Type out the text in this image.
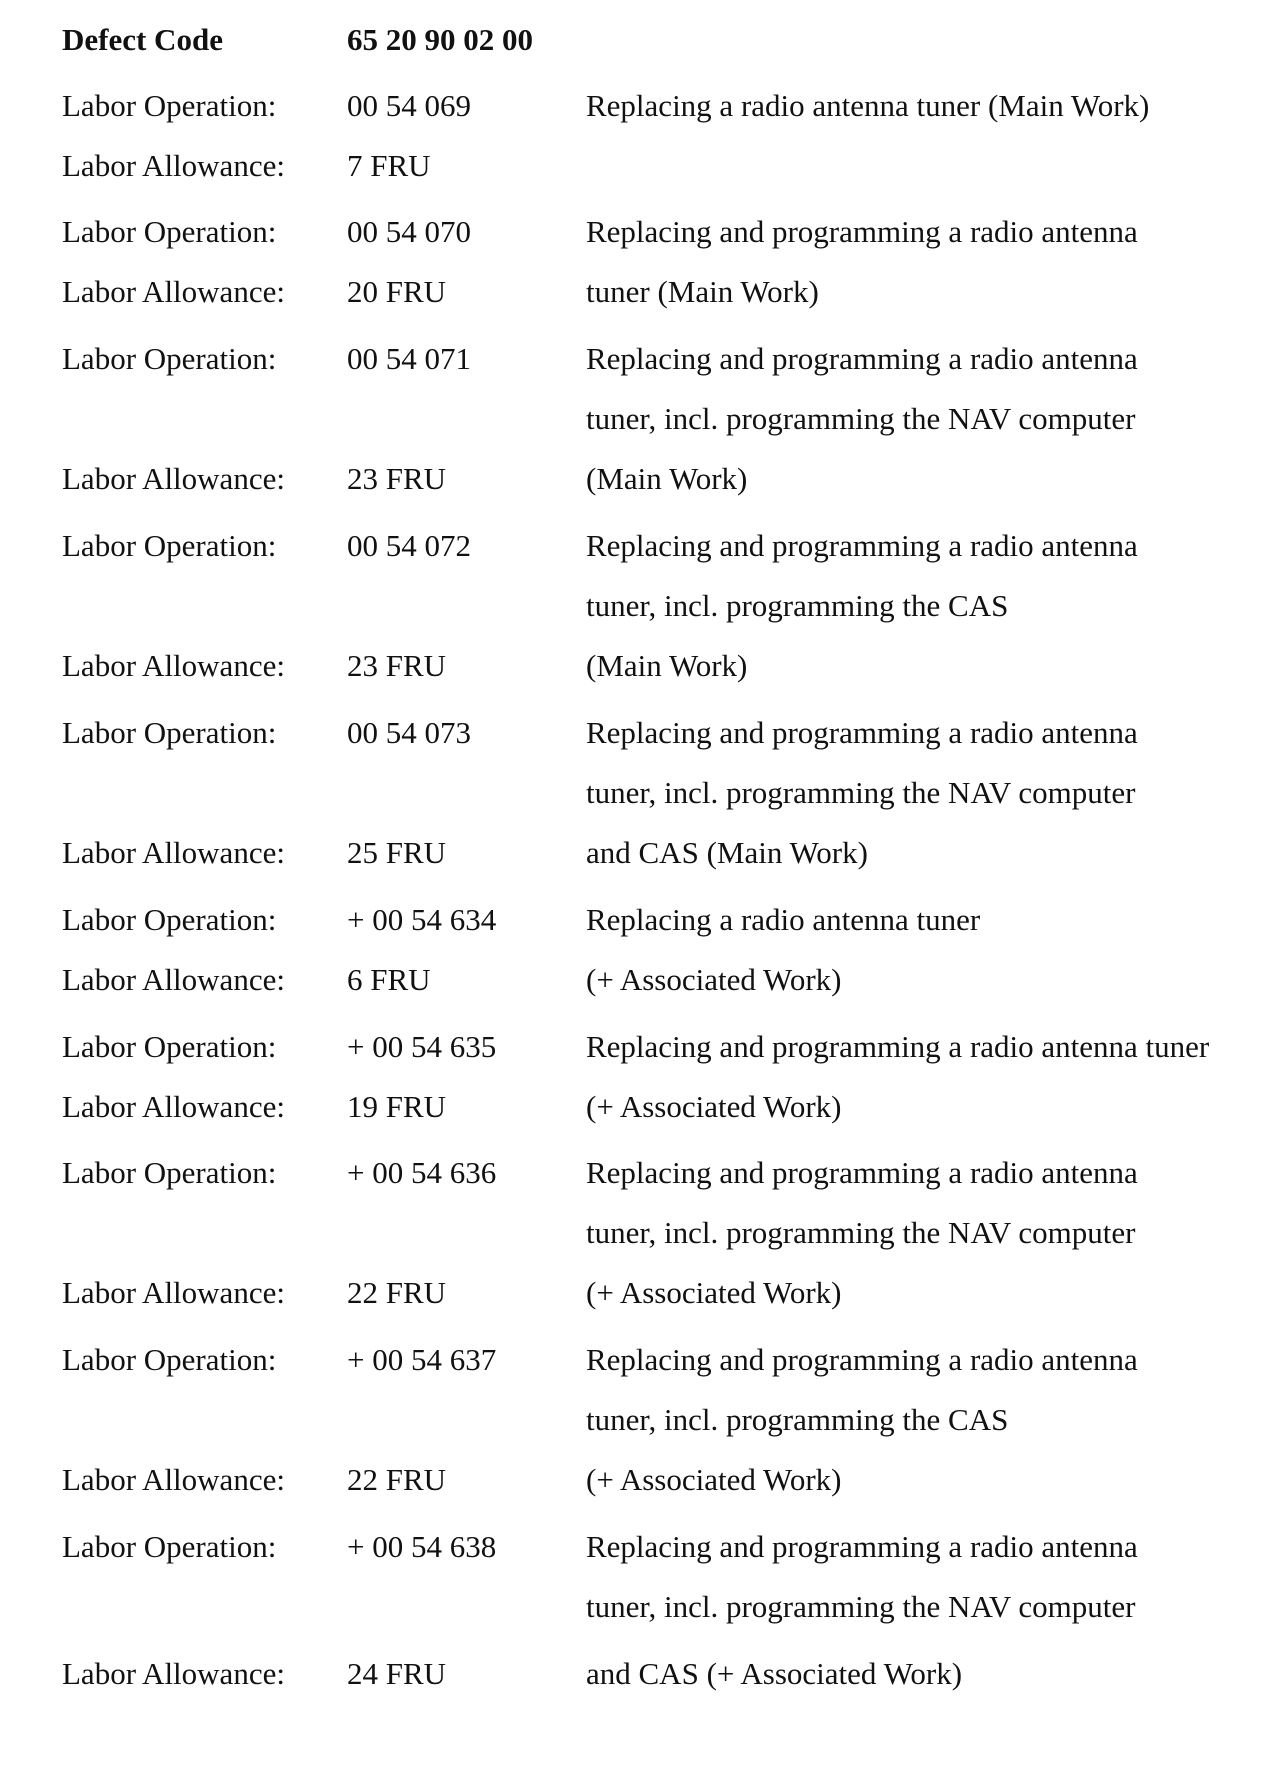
Defect Code	65 20 90 02 00
Labor Operation: 00 54 069	Replacing a radio antenna tuner (Main Work)
Labor Allowance: 7 FRU
Labor Operation: 00 54 070	Replacing and programming a radio antenna
Labor Allowance: 20 FRU	tuner (Main Work)
Labor Operation: 00 54 071	Replacing and programming a radio antenna
tuner, incl. programming the NAV computer
Labor Allowance: 23 FRU	(Main Work)
Labor Operation: 00 54 072	Replacing and programming a radio antenna
tuner, incl. programming the CAS
Labor Allowance: 23 FRU	(Main Work)
Labor Operation: 00 54 073	Replacing and programming a radio antenna
tuner, incl. programming the NAV computer
Labor Allowance: 25 FRU	and CAS (Main Work)
Labor Operation: + 00 54 634	Replacing a radio antenna tuner
Labor Allowance: 6 FRU	(+ Associated Work)
Labor Operation: + 00 54 635	Replacing and programming a radio antenna tuner
Labor Allowance: 19 FRU	(+ Associated Work)
Labor Operation: + 00 54 636	Replacing and programming a radio antenna
tuner, incl. programming the NAV computer
Labor Allowance: 22 FRU	(+ Associated Work)
Labor Operation: + 00 54 637	Replacing and programming a radio antenna
tuner, incl. programming the CAS
Labor Allowance: 22 FRU	(+ Associated Work)
Labor Operation: + 00 54 638	Replacing and programming a radio antenna
tuner, incl. programming the NAV computer
Labor Allowance: 24 FRU	and CAS (+ Associated Work)
